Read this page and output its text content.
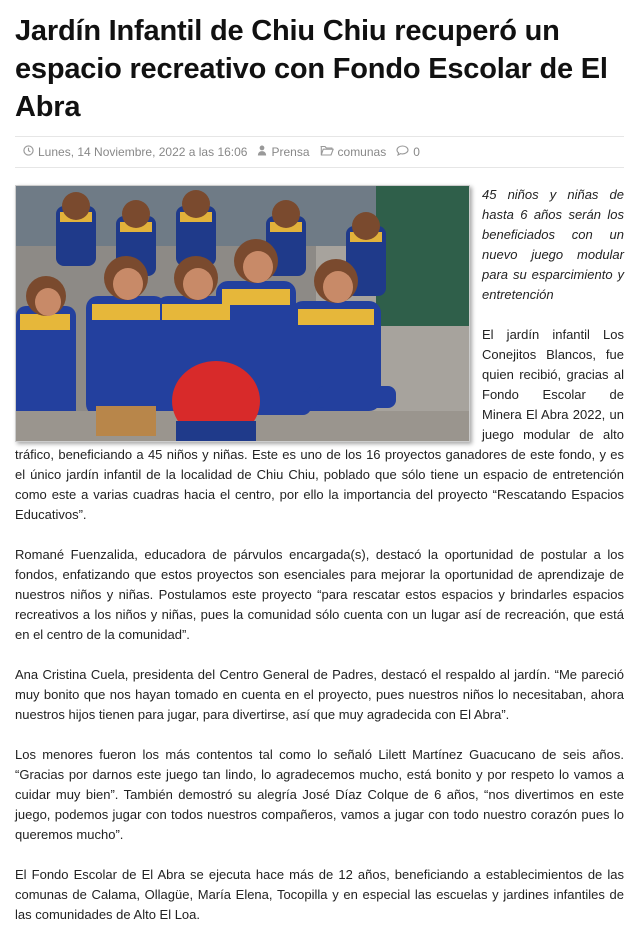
Jardín Infantil de Chiu Chiu recuperó un espacio recreativo con Fondo Escolar de El Abra
Lunes, 14 Noviembre, 2022 a las 16:06 Prensa comunas 0

45 niños y niñas de hasta 6 años serán los beneficiados con un nuevo juego modular para su esparcimiento y entretención

El jardín infantil Los Conejitos Blancos, fue quien recibió, gracias al Fondo Escolar de Minera El Abra 2022, un juego modular de alto tráfico, beneficiando a 45 niños y niñas. Este es uno de los 16 proyectos ganadores de este fondo, y es el único jardín infantil de la localidad de Chiu Chiu, poblado que sólo tiene un espacio de entretención como este a varias cuadras hacia el centro, por ello la importancia del proyecto “Rescatando Espacios Educativos”.

Romané Fuenzalida, educadora de párvulos encargada(s), destacó la oportunidad de postular a los fondos, enfatizando que estos proyectos son esenciales para mejorar la oportunidad de aprendizaje de nuestros niños y niñas. Postulamos este proyecto “para rescatar estos espacios y brindarles espacios recreativos a los niños y niñas, pues la comunidad sólo cuenta con un lugar así de recreación, que está en el centro de la comunidad”.

Ana Cristina Cuela, presidenta del Centro General de Padres, destacó el respaldo al jardín. “Me pareció muy bonito que nos hayan tomado en cuenta en el proyecto, pues nuestros niños lo necesitaban, ahora nuestros hijos tienen para jugar, para divertirse, así que muy agradecida con El Abra”.

Los menores fueron los más contentos tal como lo señaló Lilett Martínez Guacucano de seis años. “Gracias por darnos este juego tan lindo, lo agradecemos mucho, está bonito y por respeto lo vamos a cuidar muy bien”. También demostró su alegría José Díaz Colque de 6 años, “nos divertimos en este juego, podemos jugar con todos nuestros compañeros, vamos a jugar con todo nuestro corazón pues lo queremos mucho”.

El Fondo Escolar de El Abra se ejecuta hace más de 12 años, beneficiando a establecimientos de las comunas de Calama, Ollagüe, María Elena, Tocopilla y en especial las escuelas y jardines infantiles de las comunidades de Alto El Loa.
